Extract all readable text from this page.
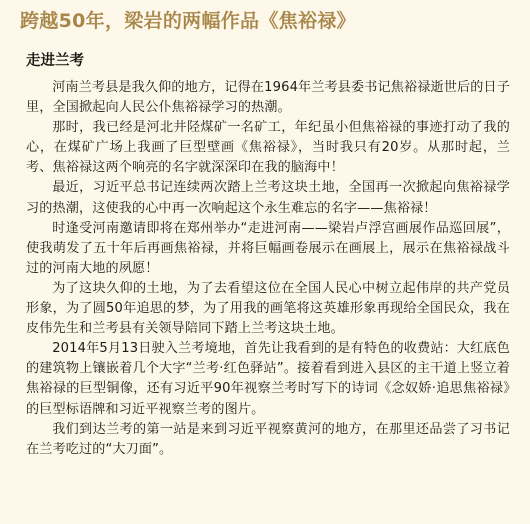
跨越50年，梁岩的两幅作品《焦裕禄》
走进兰考

河南兰考县是我久仰的地方，记得在1964年兰考县委书记焦裕禄逝世后的日子里，全国掀起向人民公仆焦裕禄学习的热潮。

那时，我已经是河北井陉煤矿一名矿工，年纪虽小但焦裕禄的事迹打动了我的心，在煤矿广场上我画了巨型壁画《焦裕禄》，当时我只有20岁。从那时起，兰考、焦裕禄这两个响亮的名字就深深印在我的脑海中！

最近，习近平总书记连续两次踏上兰考这块土地，全国再一次掀起向焦裕禄学习的热潮，这使我的心中再一次响起这个永生难忘的名字——焦裕禄！

时逢受河南邀请即将在郑州举办“走进河南——梁岩卢浮宫画展作品巡回展”，使我萌发了五十年后再画焦裕禄，并将巨幅画卷展示在画展上，展示在焦裕禄战斗过的河南大地的夙愿！

为了这块久仰的土地，为了去看望这位在全国人民心中树立起伟岸的共产党员形象，为了圆50年追思的梦，为了用我的画笔将这英雄形象再现给全国民众，我在皮伟先生和兰考县有关领导陪同下踏上兰考这块土地。

2014年5月13日驶入兰考境地，首先让我看到的是有特色的收费站：大红底色的建筑物上镶嵌着几个大字“兰考·红色驿站”。接着看到进入县区的主干道上竖立着焦裕禄的巨型铜像，还有习近平90年视察兰考时写下的诗词《念奴娇·追思焦裕禄》的巨型标语牌和习近平视察兰考的图片。

我们到达兰考的第一站是来到习近平视察黄河的地方，在那里还品尝了习书记在兰考吃过的“大刀面”。
